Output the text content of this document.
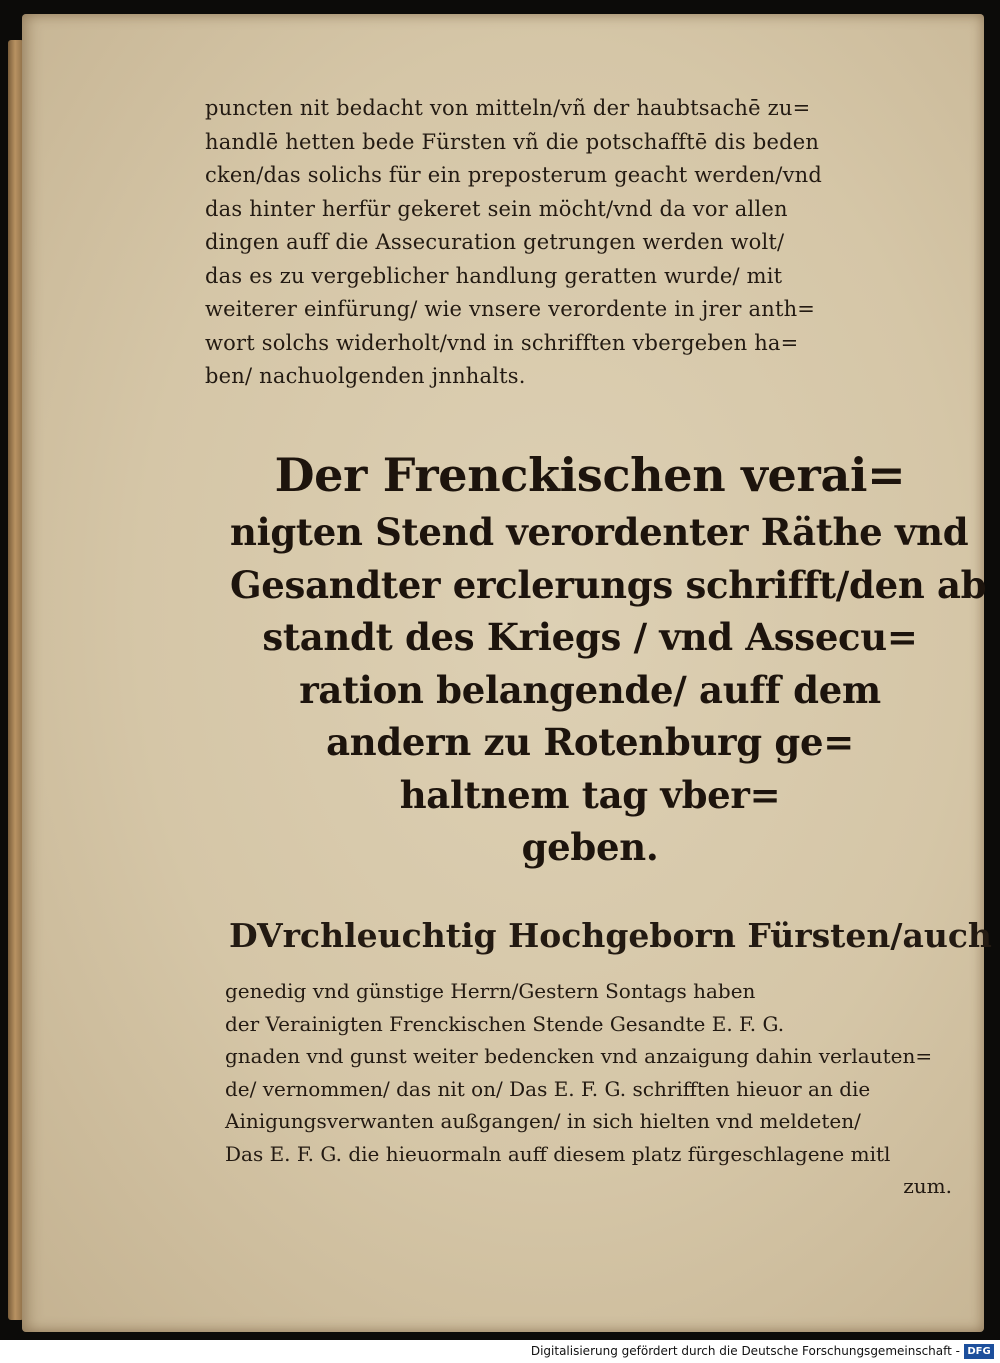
puncten nit bedacht von mitteln/vñ der haubtsachē zu=
handlē hetten bede Fürsten vñ die potschafftē dis beden
cken/das solichs für ein preposterum geacht werden/vnd
das hinter herfür gekeret sein möcht/vnd da vor allen
dingen auff die Assecuration getrungen werden wolt/
das es zu vergeblicher handlung geratten wurde/ mit
weiterer einfürung/ wie vnsere verordente in jrer anth=
wort solchs widerholt/vnd in schrifften vbergeben ha=
ben/ nachuolgenden jnnhalts.
Der Frenckischen verai=
nigten Stend verordenter Räthe vnd
Gesandter erclerungs schrifft/den ab
standt des Kriegs / vnd Assecu=
ration belangende/ auff dem
andern zu Rotenburg ge=
haltnem tag vber=
geben.
DVrchleuchtig Hochgeborn Fürsten/auch
genedig vnd günstige Herrn/Gestern Sontags haben
der Verainigten Frenckischen Stende Gesandte E. F. G.
gnaden vnd gunst weiter bedencken vnd anzaigung dahin verlauten=
de/ vernommen/ das nit on/ Das E. F. G. schrifften hieuor an die
Ainigungsverwanten außgangen/ in sich hielten vnd meldeten/
Das E. F. G. die hieuormaln auff diesem platz fürgeschlagene mitl
zum.
Digitalisierung gefördert durch die Deutsche Forschungsgemeinschaft - DFG
